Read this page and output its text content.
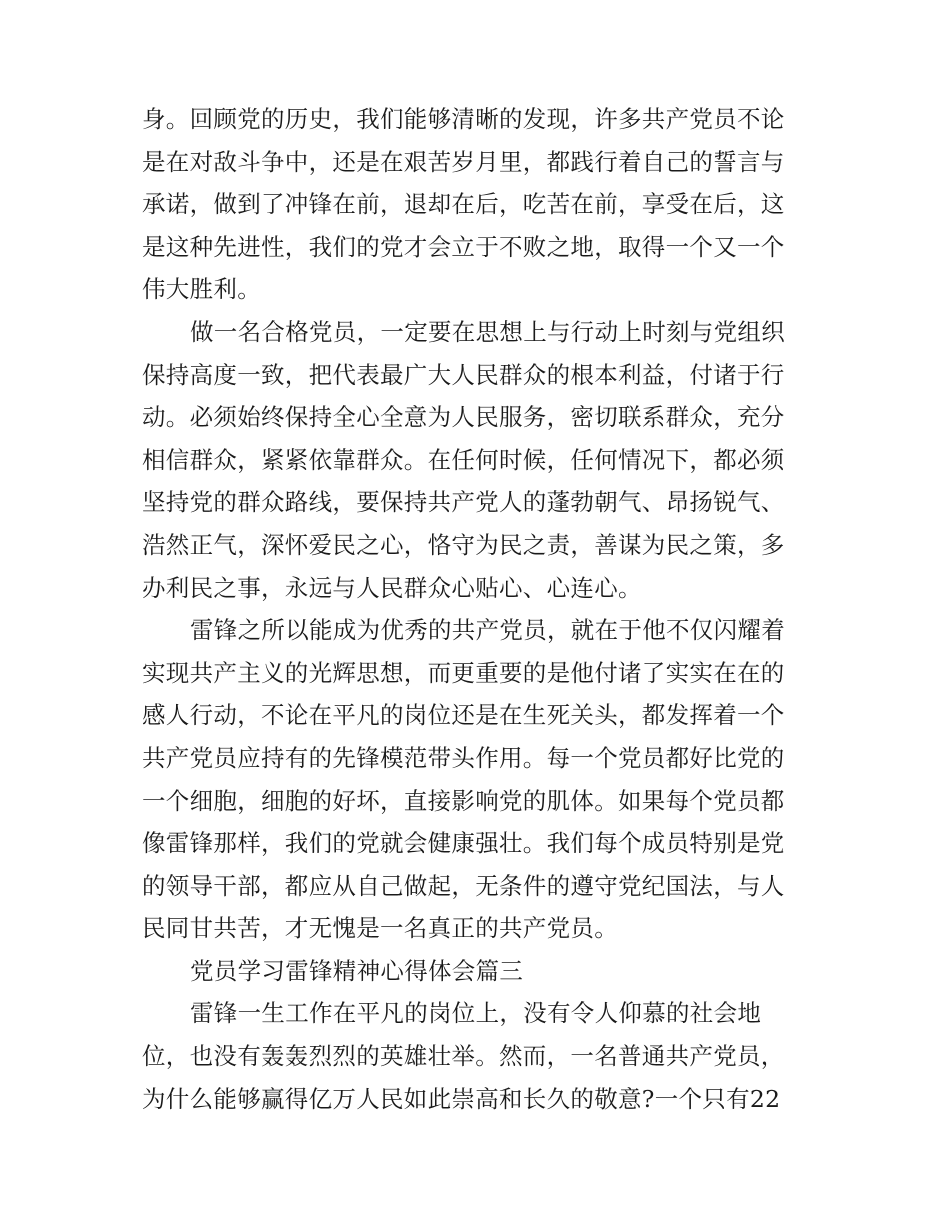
身。回顾党的历史，我们能够清晰的发现，许多共产党员不论
是在对敌斗争中，还是在艰苦岁月里，都践行着自己的誓言与
承诺，做到了冲锋在前，退却在后，吃苦在前，享受在后，这
是这种先进性，我们的党才会立于不败之地，取得一个又一个
伟大胜利。
做一名合格党员，一定要在思想上与行动上时刻与党组织
保持高度一致，把代表最广大人民群众的根本利益，付诸于行
动。必须始终保持全心全意为人民服务，密切联系群众，充分
相信群众，紧紧依靠群众。在任何时候，任何情况下，都必须
坚持党的群众路线，要保持共产党人的蓬勃朝气、昂扬锐气、
浩然正气，深怀爱民之心，恪守为民之责，善谋为民之策，多
办利民之事，永远与人民群众心贴心、心连心。
雷锋之所以能成为优秀的共产党员，就在于他不仅闪耀着
实现共产主义的光辉思想，而更重要的是他付诸了实实在在的
感人行动，不论在平凡的岗位还是在生死关头，都发挥着一个
共产党员应持有的先锋模范带头作用。每一个党员都好比党的
一个细胞，细胞的好坏，直接影响党的肌体。如果每个党员都
像雷锋那样，我们的党就会健康强壮。我们每个成员特别是党
的领导干部，都应从自己做起，无条件的遵守党纪国法，与人
民同甘共苦，才无愧是一名真正的共产党员。
党员学习雷锋精神心得体会篇三
雷锋一生工作在平凡的岗位上，没有令人仰慕的社会地
位，也没有轰轰烈烈的英雄壮举。然而，一名普通共产党员，
为什么能够赢得亿万人民如此崇高和长久的敬意?一个只有22
